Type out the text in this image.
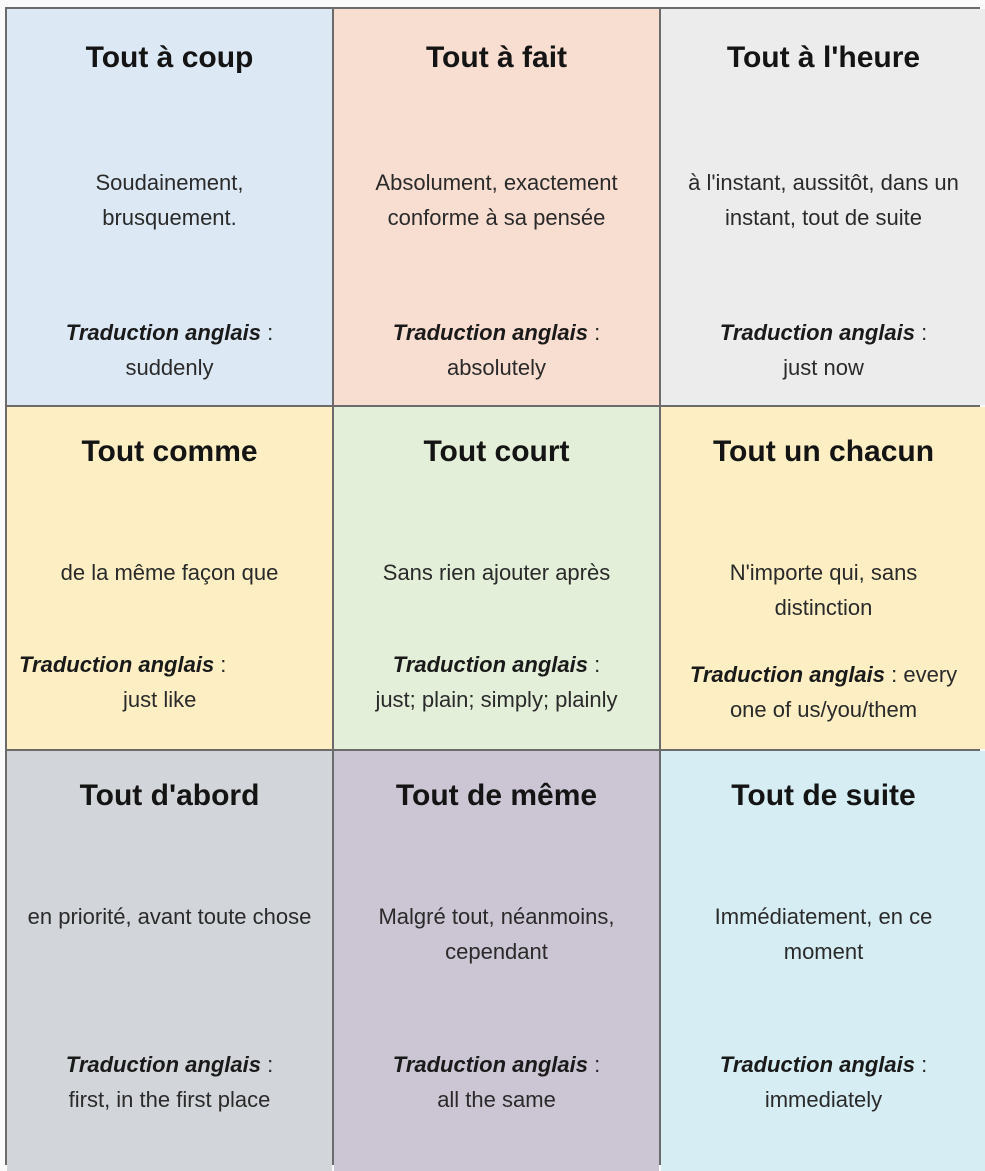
Tout à coup
Soudainement, brusquement.
Traduction anglais :
suddenly
Tout à fait
Absolument, exactement conforme à sa pensée
Traduction anglais :
absolutely
Tout à l'heure
à l'instant, aussitôt, dans un instant, tout de suite
Traduction anglais :
just now
Tout comme
de la même façon que
Traduction anglais :
just like
Tout court
Sans rien ajouter après
Traduction anglais :
just; plain; simply; plainly
Tout un chacun
N'importe qui, sans distinction
Traduction anglais : every one of us/you/them
Tout d'abord
en priorité, avant toute chose
Traduction anglais :
first, in the first place
Tout de même
Malgré tout, néanmoins, cependant
Traduction anglais :
all the same
Tout de suite
Immédiatement, en ce moment
Traduction anglais :
immediately
